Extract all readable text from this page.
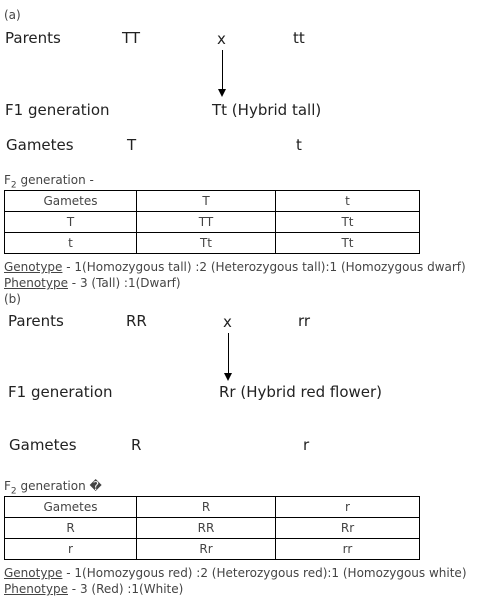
(a)
Parents	TT	x	tt
F1 generation	Tt (Hybrid tall)
Gametes	T	t
$F_2$ generation -
Gametes	T	t
T	TT	Tt
t	Tt	Tt
Genotype - 1(Homozygous tall) :2 (Heterozygous tall):1 (Homozygous dwarf)
Phenotype - 3 (Tall) :1(Dwarf)
(b)
Parents	RR	x	rr
F1 generation	Rr (Hybrid red flower)
Gametes	R	r
$F_2$ generation �
Gametes	R	r
R	RR	Rr
r	Rr	rr
Genotype - 1(Homozygous red) :2 (Heterozygous red):1 (Homozygous white)
Phenotype - 3 (Red) :1(White)
